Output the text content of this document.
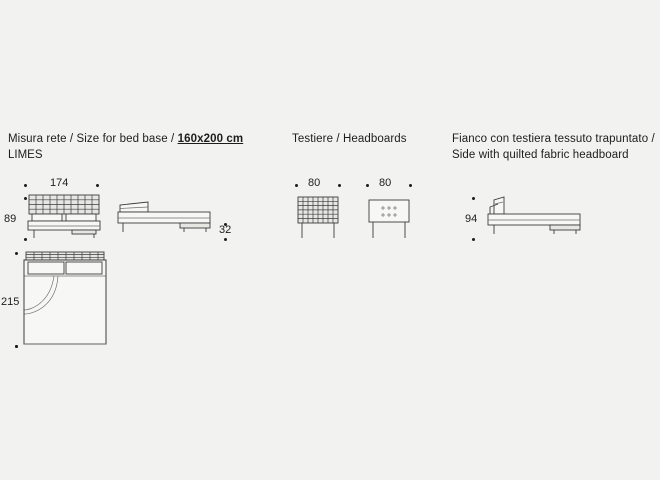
Misura rete / Size for bed base / 160x200 cm
LIMES
Testiere / Headboards	Fianco con testiera tessuto trapuntato /
Side with quilted fabric headboard
174
89
32
215
80	80
94
